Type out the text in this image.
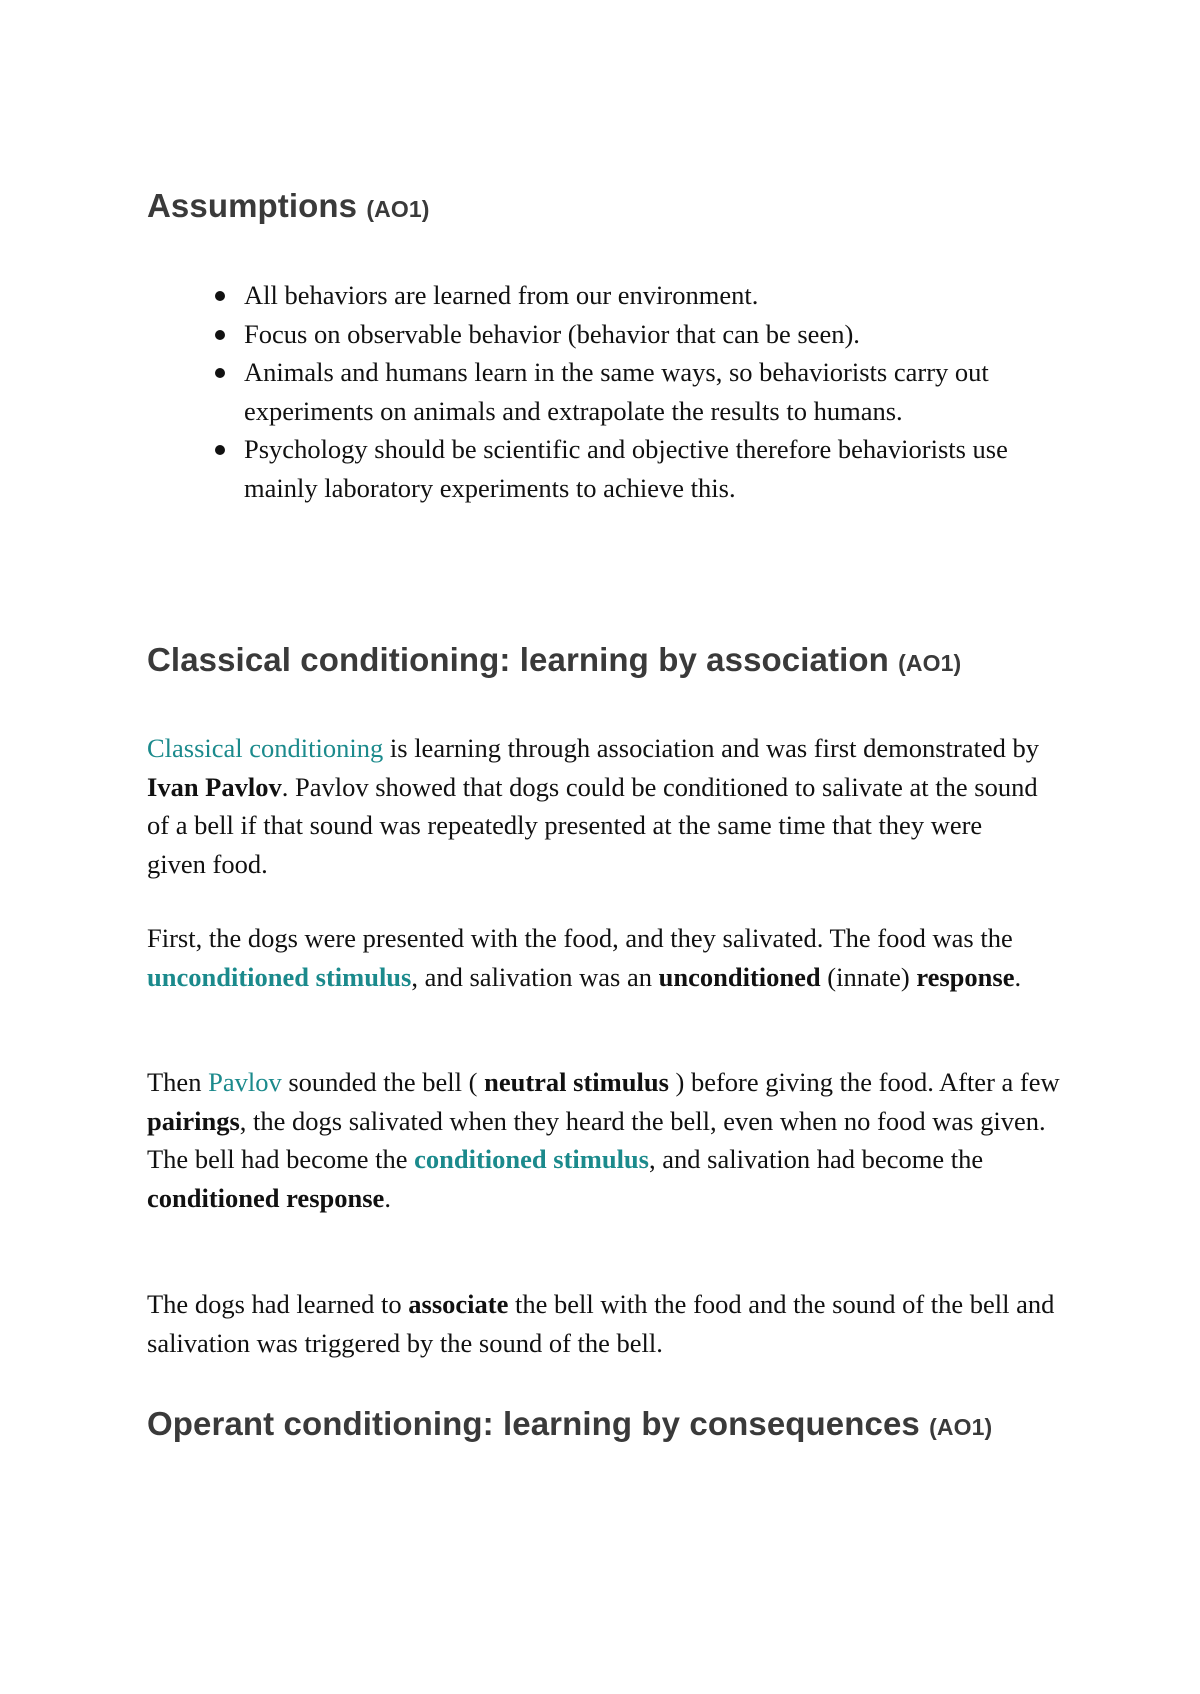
Assumptions (AO1)
All behaviors are learned from our environment.
Focus on observable behavior (behavior that can be seen).
Animals and humans learn in the same ways, so behaviorists carry out experiments on animals and extrapolate the results to humans.
Psychology should be scientific and objective therefore behaviorists use mainly laboratory experiments to achieve this.
Classical conditioning: learning by association (AO1)

Classical conditioning is learning through association and was first demonstrated by Ivan Pavlov. Pavlov showed that dogs could be conditioned to salivate at the sound of a bell if that sound was repeatedly presented at the same time that they were given food.

First, the dogs were presented with the food, and they salivated. The food was the unconditioned stimulus, and salivation was an unconditioned (innate) response.

Then Pavlov sounded the bell ( neutral stimulus ) before giving the food. After a few pairings, the dogs salivated when they heard the bell, even when no food was given. The bell had become the conditioned stimulus, and salivation had become the conditioned response.

The dogs had learned to associate the bell with the food and the sound of the bell and salivation was triggered by the sound of the bell.

Operant conditioning: learning by consequences (AO1)
